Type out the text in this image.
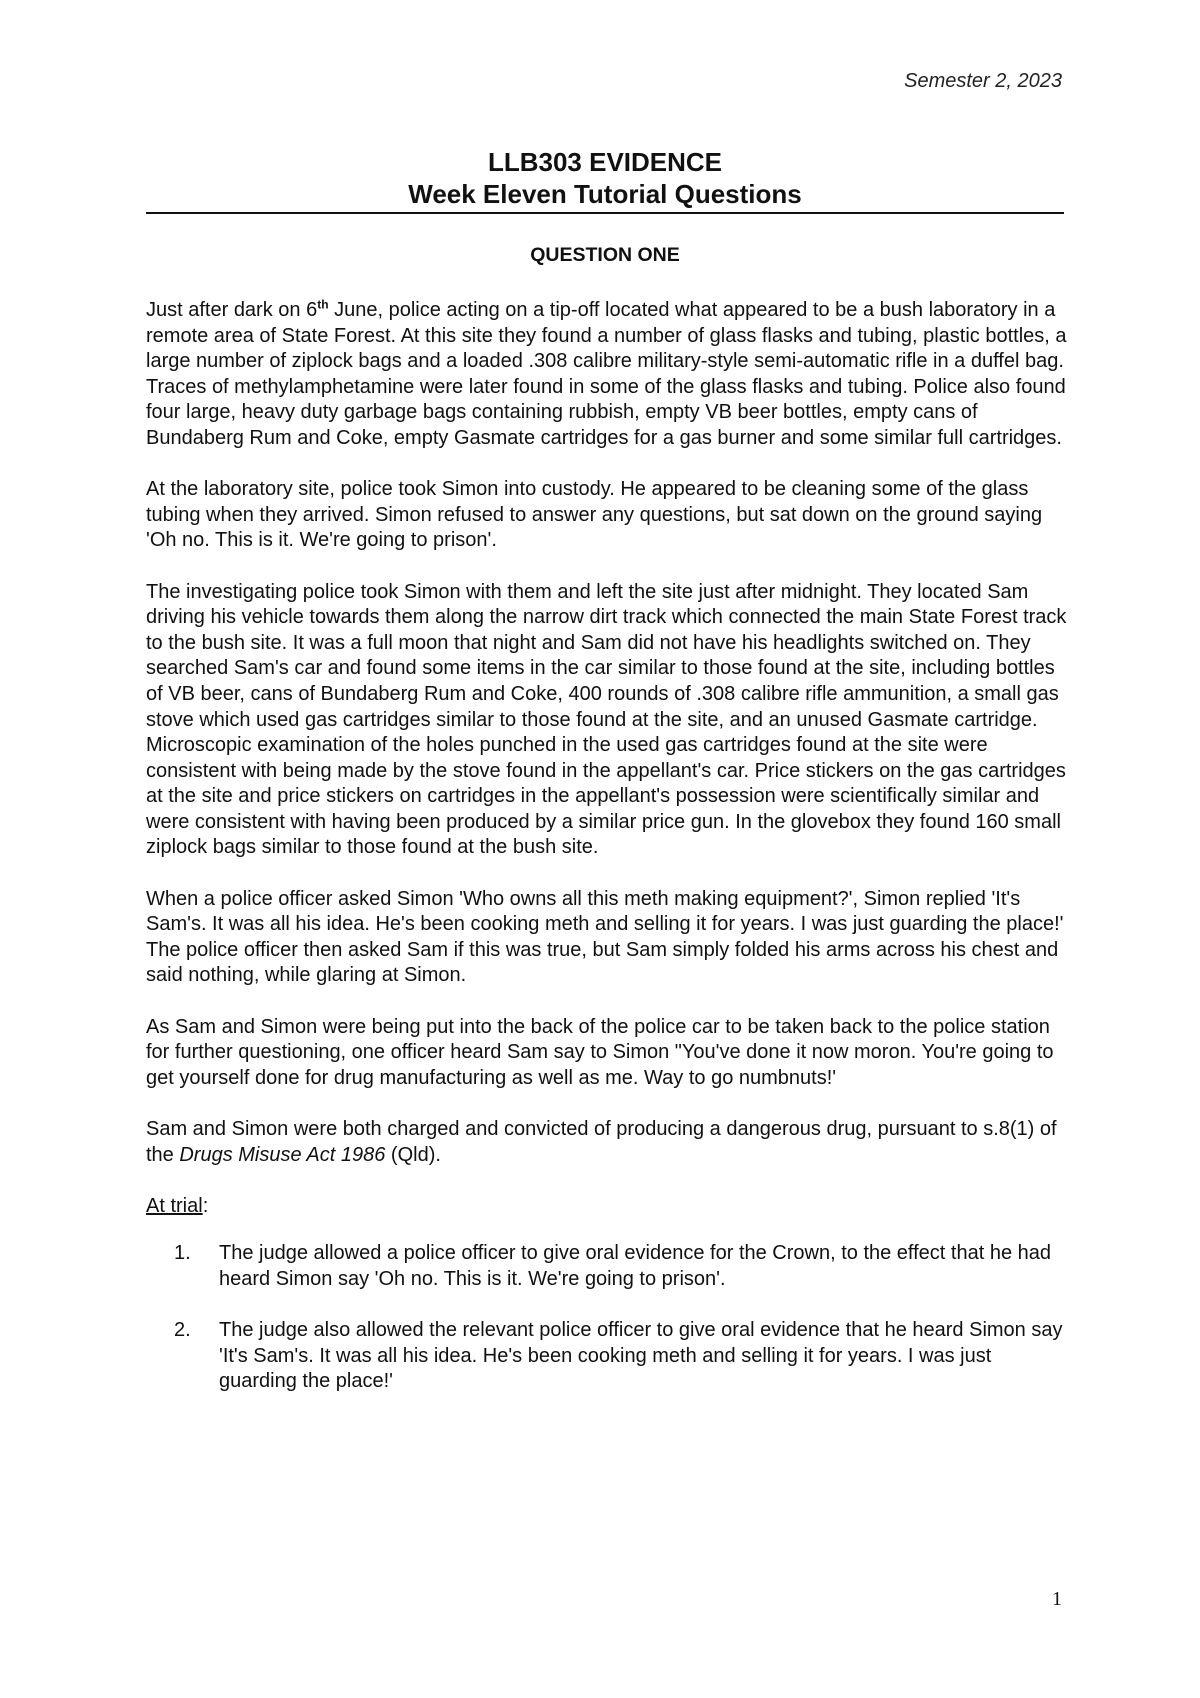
Semester 2, 2023
LLB303 EVIDENCE
Week Eleven Tutorial Questions
QUESTION ONE

Just after dark on 6th June, police acting on a tip-off located what appeared to be a bush laboratory in a remote area of State Forest. At this site they found a number of glass flasks and tubing, plastic bottles, a large number of ziplock bags and a loaded .308 calibre military-style semi-automatic rifle in a duffel bag. Traces of methylamphetamine were later found in some of the glass flasks and tubing. Police also found four large, heavy duty garbage bags containing rubbish, empty VB beer bottles, empty cans of Bundaberg Rum and Coke, empty Gasmate cartridges for a gas burner and some similar full cartridges.

At the laboratory site, police took Simon into custody. He appeared to be cleaning some of the glass tubing when they arrived. Simon refused to answer any questions, but sat down on the ground saying 'Oh no. This is it. We're going to prison'.

The investigating police took Simon with them and left the site just after midnight. They located Sam driving his vehicle towards them along the narrow dirt track which connected the main State Forest track to the bush site. It was a full moon that night and Sam did not have his headlights switched on. They searched Sam's car and found some items in the car similar to those found at the site, including bottles of VB beer, cans of Bundaberg Rum and Coke, 400 rounds of .308 calibre rifle ammunition, a small gas stove which used gas cartridges similar to those found at the site, and an unused Gasmate cartridge. Microscopic examination of the holes punched in the used gas cartridges found at the site were consistent with being made by the stove found in the appellant's car. Price stickers on the gas cartridges at the site and price stickers on cartridges in the appellant's possession were scientifically similar and were consistent with having been produced by a similar price gun. In the glovebox they found 160 small ziplock bags similar to those found at the bush site.

When a police officer asked Simon 'Who owns all this meth making equipment?', Simon replied 'It's Sam's. It was all his idea. He's been cooking meth and selling it for years. I was just guarding the place!' The police officer then asked Sam if this was true, but Sam simply folded his arms across his chest and said nothing, while glaring at Simon.

As Sam and Simon were being put into the back of the police car to be taken back to the police station for further questioning, one officer heard Sam say to Simon "You've done it now moron. You're going to get yourself done for drug manufacturing as well as me. Way to go numbnuts!'

Sam and Simon were both charged and convicted of producing a dangerous drug, pursuant to s.8(1) of the Drugs Misuse Act 1986 (Qld).

At trial:

1. The judge allowed a police officer to give oral evidence for the Crown, to the effect that he had heard Simon say 'Oh no. This is it. We're going to prison'.
2. The judge also allowed the relevant police officer to give oral evidence that he heard Simon say 'It's Sam's. It was all his idea. He's been cooking meth and selling it for years. I was just guarding the place!'
1
